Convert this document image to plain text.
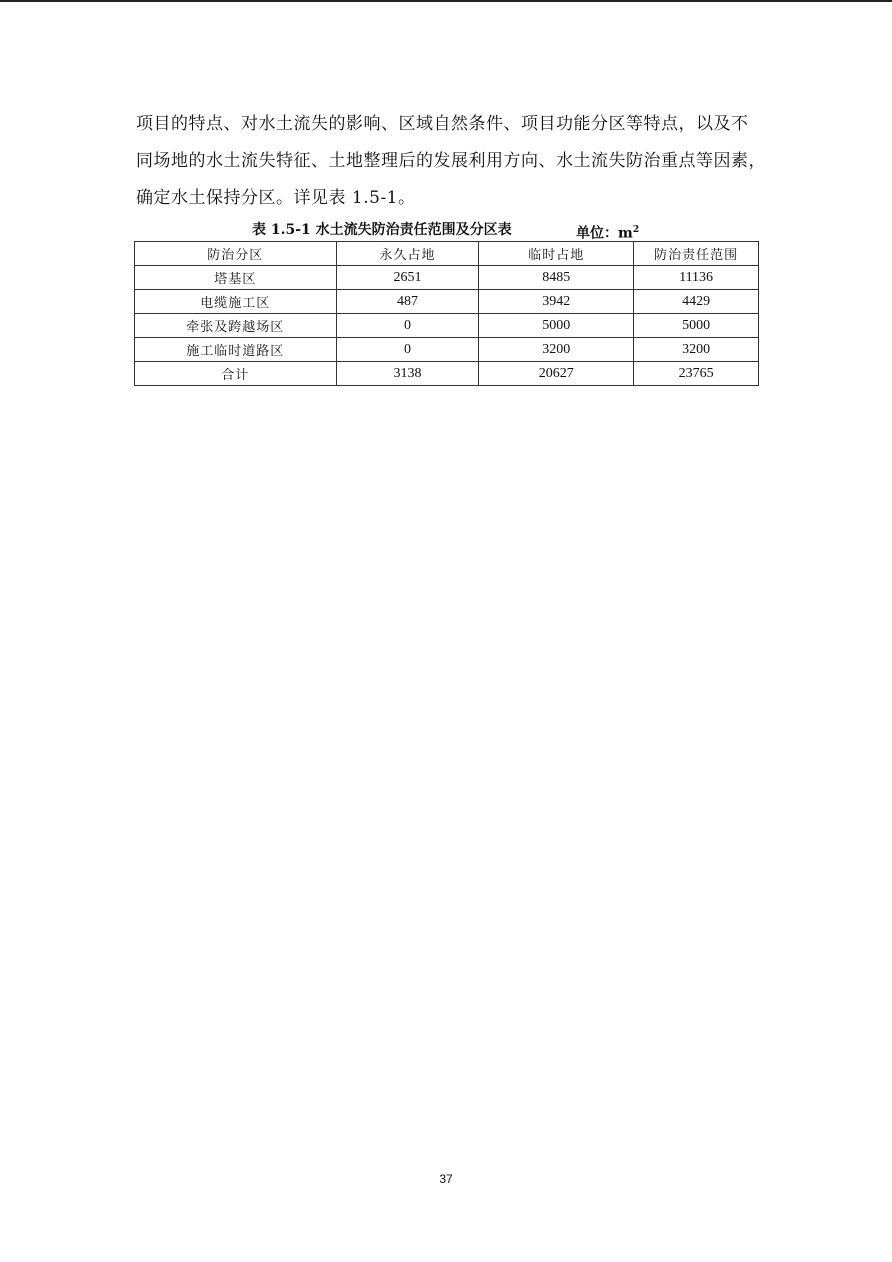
项目的特点、对水土流失的影响、区域自然条件、项目功能分区等特点，以及不
同场地的水土流失特征、土地整理后的发展利用方向、水土流失防治重点等因素，
确定水土保持分区。详见表 1.5-1。

表 1.5-1 水土流失防治责任范围及分区表	单位：$m^2$
防治分区	永久占地	临时占地	防治责任范围
塔基区	2651	8485	11136
电缆施工区	487	3942	4429
牵张及跨越场区	0	5000	5000
施工临时道路区	0	3200	3200
合计	3138	20627	23765
37
